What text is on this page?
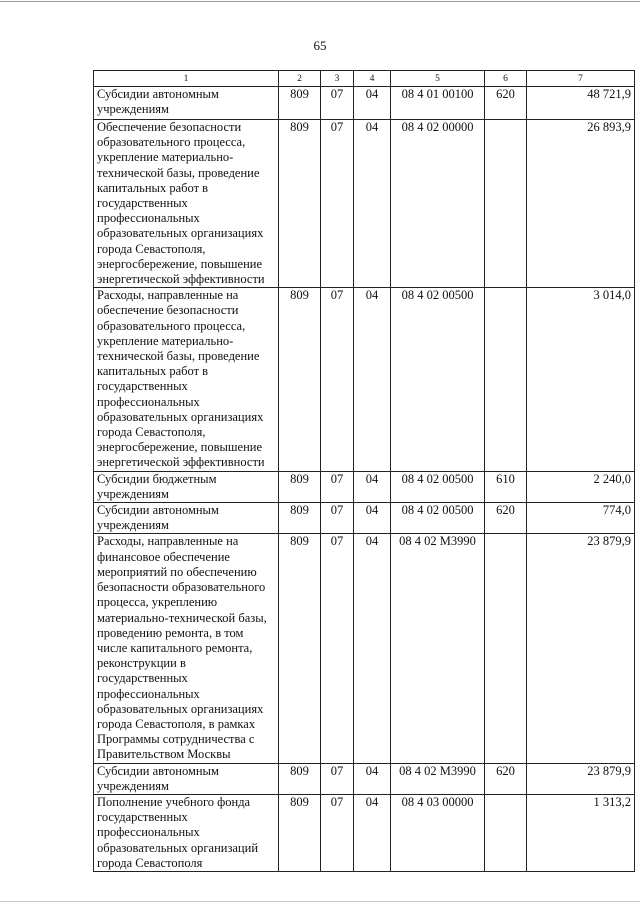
65
1	2	3	4	5	6	7
Субсидии автономным учреждениям	809	07	04	08 4 01 00100	620	48 721,9
Обеспечение безопасности образовательного процесса, укрепление материально-технической базы, проведение капитальных работ в государственных профессиональных образовательных организациях города Севастополя, энергосбережение, повышение энергетической эффективности	809	07	04	08 4 02 00000		26 893,9
Расходы, направленные на обеспечение безопасности образовательного процесса, укрепление материально-технической базы, проведение капитальных работ в государственных профессиональных образовательных организациях города Севастополя, энергосбережение, повышение энергетической эффективности	809	07	04	08 4 02 00500		3 014,0
Субсидии бюджетным учреждениям	809	07	04	08 4 02 00500	610	2 240,0
Субсидии автономным учреждениям	809	07	04	08 4 02 00500	620	774,0
Расходы, направленные на финансовое обеспечение мероприятий по обеспечению безопасности образовательного процесса, укреплению материально-технической базы, проведению ремонта, в том числе капитального ремонта, реконструкции в государственных профессиональных образовательных организациях города Севастополя, в рамках Программы сотрудничества с Правительством Москвы	809	07	04	08 4 02 М3990		23 879,9
Субсидии автономным учреждениям	809	07	04	08 4 02 М3990	620	23 879,9
Пополнение учебного фонда государственных профессиональных образовательных организаций города Севастополя	809	07	04	08 4 03 00000		1 313,2
